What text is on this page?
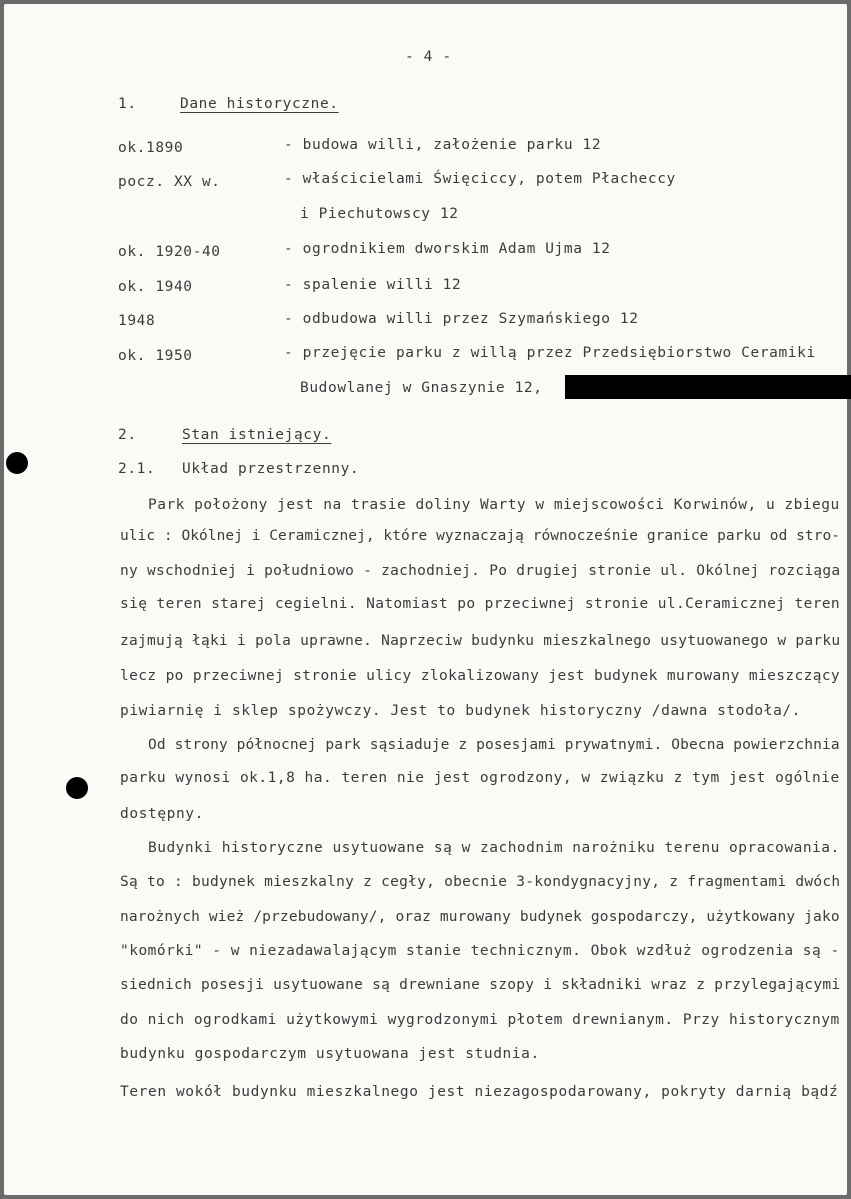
- 4 -
1.	Dane historyczne.
ok.1890	- budowa willi, założenie parku 12
pocz. XX w.	- właścicielami Święciccy, potem Płacheccy
i Piechutowscy 12
ok. 1920-40	- ogrodnikiem dworskim Adam Ujma 12
ok. 1940	- spalenie willi 12
1948	- odbudowa willi przez Szymańskiego 12
ok. 1950	- przejęcie parku z willą przez Przedsiębiorstwo Ceramiki
Budowlanej w Gnaszynie 12,
2.	Stan istniejący.
2.1. Układ przestrzenny.
Park położony jest na trasie doliny Warty w miejscowości Korwinów, u zbiegu
ulic : Okólnej i Ceramicznej, które wyznaczają równocześnie granice parku od stro-
ny wschodniej i południowo - zachodniej. Po drugiej stronie ul. Okólnej rozciąga
się teren starej cegielni. Natomiast po przeciwnej stronie ul.Ceramicznej teren
zajmują łąki i pola uprawne. Naprzeciw budynku mieszkalnego usytuowanego w parku
lecz po przeciwnej stronie ulicy zlokalizowany jest budynek murowany mieszczący
piwiarnię i sklep spożywczy. Jest to budynek historyczny /dawna stodoła/.
Od strony północnej park sąsiaduje z posesjami prywatnymi. Obecna powierzchnia
parku wynosi ok.1,8 ha. teren nie jest ogrodzony, w związku z tym jest ogólnie
dostępny.
Budynki historyczne usytuowane są w zachodnim narożniku terenu opracowania.
Są to : budynek mieszkalny z cegły, obecnie 3-kondygnacyjny, z fragmentami dwóch
narożnych wież /przebudowany/, oraz murowany budynek gospodarczy, użytkowany jako
"komórki" - w niezadawalającym stanie technicznym. Obok wzdłuż ogrodzenia są -
siednich posesji usytuowane są drewniane szopy i składniki wraz z przylegającymi
do nich ogrodkami użytkowymi wygrodzonymi płotem drewnianym. Przy historycznym
budynku gospodarczym usytuowana jest studnia.
Teren wokół budynku mieszkalnego jest niezagospodarowany, pokryty darnią bądź
